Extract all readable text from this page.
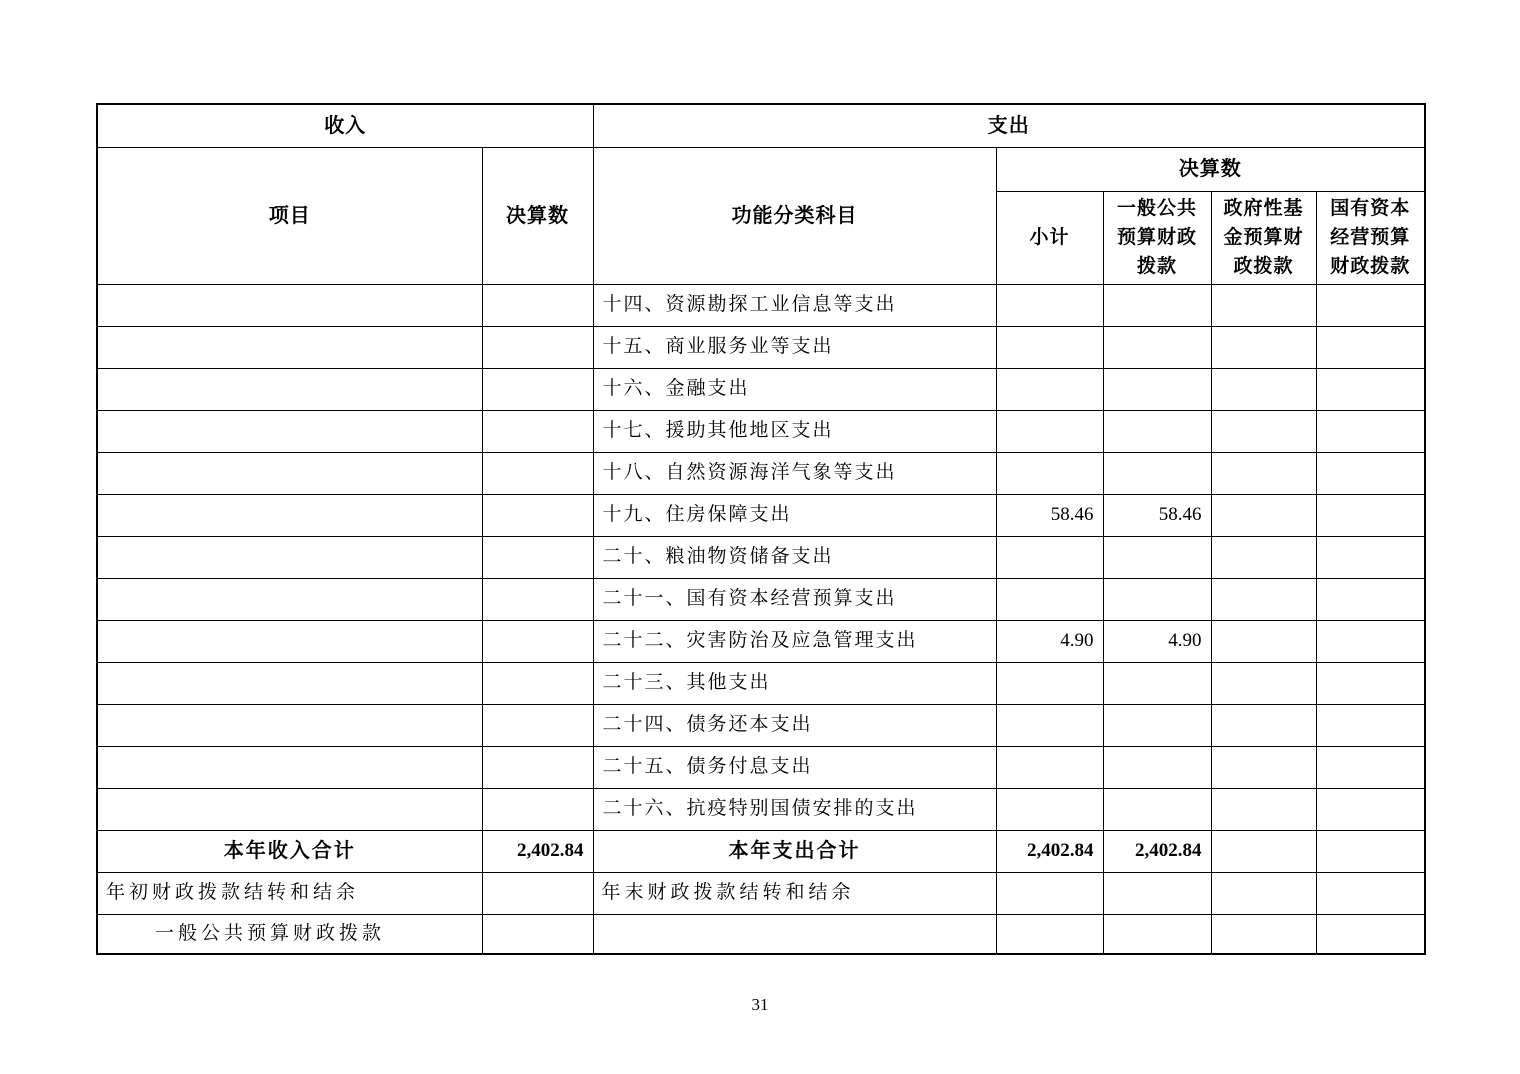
收入		支出				
项目	决算数	功能分类科目	决算数			
			小计	一般公共预算财政拨款	政府性基金预算财政拨款	国有资本经营预算财政拨款
		十四、资源勘探工业信息等支出				
		十五、商业服务业等支出				
		十六、金融支出				
		十七、援助其他地区支出				
		十八、自然资源海洋气象等支出				
		十九、住房保障支出	58.46	58.46		
		二十、粮油物资储备支出				
		二十一、国有资本经营预算支出				
		二十二、灾害防治及应急管理支出	4.90	4.90		
		二十三、其他支出				
		二十四、债务还本支出				
		二十五、债务付息支出				
		二十六、抗疫特别国债安排的支出				
本年收入合计	2,402.84	本年支出合计	2,402.84	2,402.84		
年初财政拨款结转和结余		年末财政拨款结转和结余				
一般公共预算财政拨款						
31
